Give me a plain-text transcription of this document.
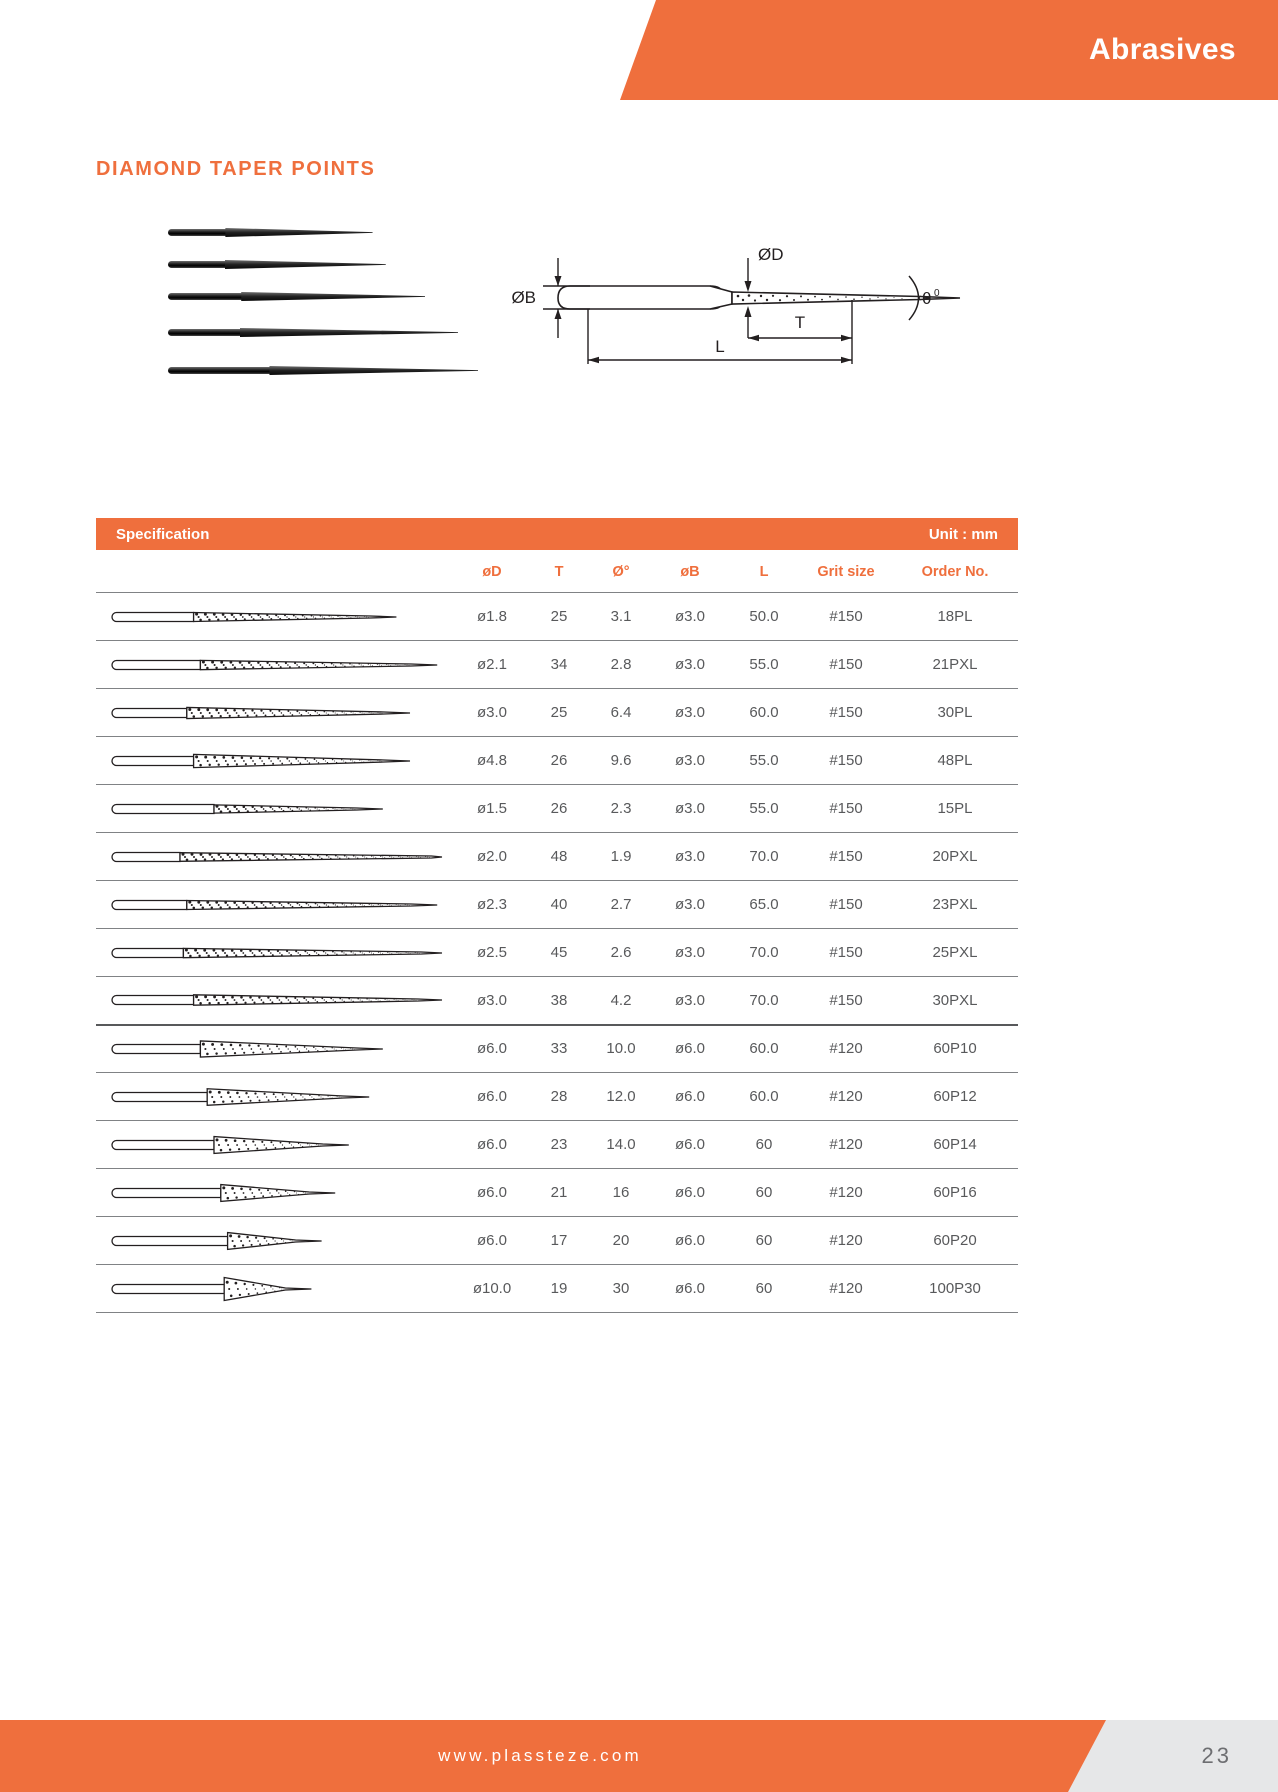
Abrasives
DIAMOND TAPER POINTS
ØB
ØD
T
L
θ 0
Specification	Unit : mm
	øD	T	Ø°	øB	L	Grit size	Order No.

	ø1.8	25	3.1	ø3.0	50.0	#150	18PL

	ø2.1	34	2.8	ø3.0	55.0	#150	21PXL

	ø3.0	25	6.4	ø3.0	60.0	#150	30PL

	ø4.8	26	9.6	ø3.0	55.0	#150	48PL

	ø1.5	26	2.3	ø3.0	55.0	#150	15PL

	ø2.0	48	1.9	ø3.0	70.0	#150	20PXL

	ø2.3	40	2.7	ø3.0	65.0	#150	23PXL

	ø2.5	45	2.6	ø3.0	70.0	#150	25PXL

	ø3.0	38	4.2	ø3.0	70.0	#150	30PXL

	ø6.0	33	10.0	ø6.0	60.0	#120	60P10

	ø6.0	28	12.0	ø6.0	60.0	#120	60P12

	ø6.0	23	14.0	ø6.0	60	#120	60P14

	ø6.0	21	16	ø6.0	60	#120	60P16

	ø6.0	17	20	ø6.0	60	#120	60P20

	ø10.0	19	30	ø6.0	60	#120	100P30
www.plassteze.com	23
